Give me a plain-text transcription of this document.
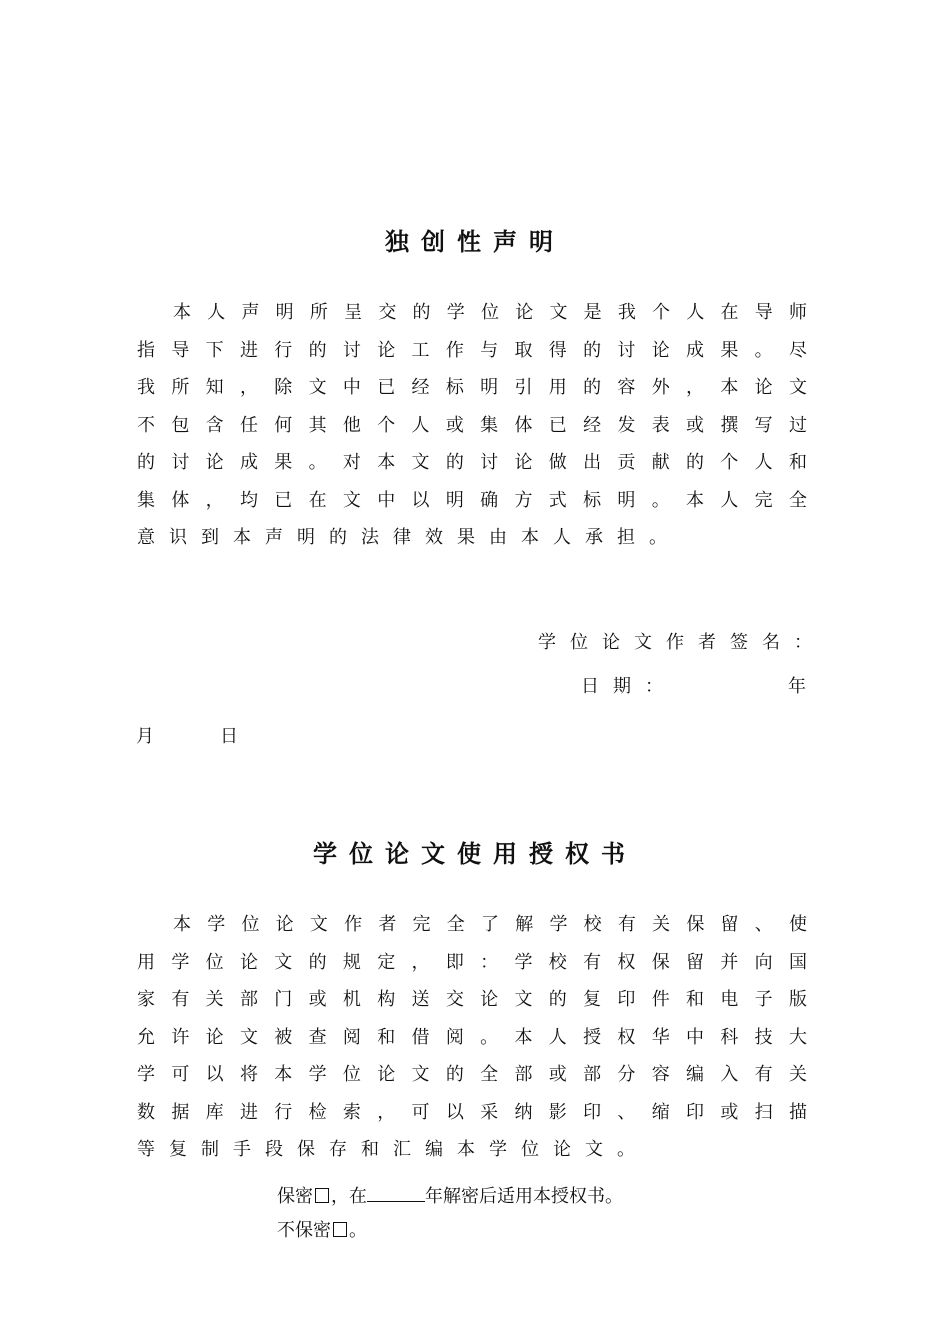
独创性声明
本人声明所呈交的学位论文是我个人在导师
指导下进行的讨论工作与取得的讨论成果。尽
我所知，除文中已经标明引用的容外，本论文
不包含任何其他个人或集体已经发表或撰写过
的讨论成果。对本文的讨论做出贡献的个人和
集体，均已在文中以明确方式标明。本人完全
意识到本声明的法律效果由本人承担。
学位论文作者签名：
日期：	年
月	日
学位论文使用授权书
本学位论文作者完全了解学校有关保留、使
用学位论文的规定，即：学校有权保留并向国
家有关部门或机构送交论文的复印件和电子版
允许论文被查阅和借阅。本人授权华中科技大
学可以将本学位论文的全部或部分容编入有关
数据库进行检索，可以采纳影印、缩印或扫描
等复制手段保存和汇编本学位论文。
保密 ，在	年解密后适用本授权书。
不保密 。
